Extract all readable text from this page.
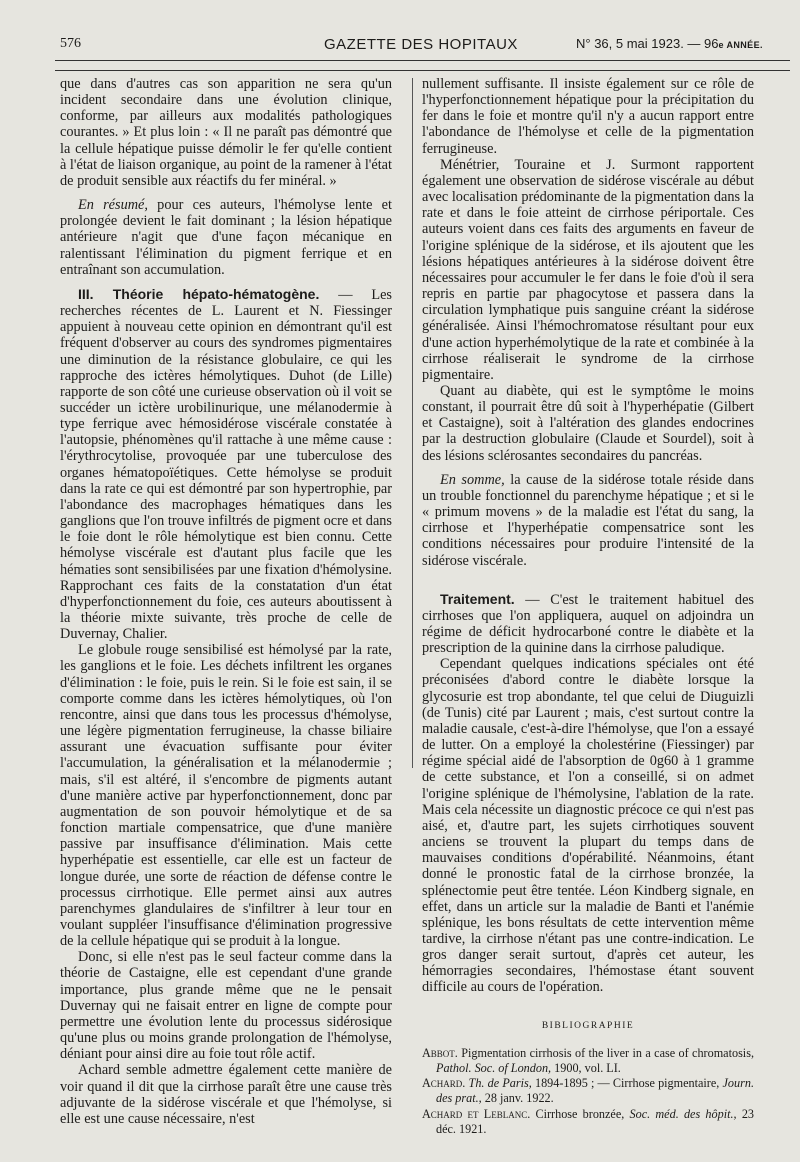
576	GAZETTE DES HOPITAUX	N° 36, 5 mai 1923. — 96e ANNÉE.

que dans d'autres cas son apparition ne sera qu'un incident secondaire dans une évolution clinique, conforme, par ailleurs aux modalités pathologiques courantes. » Et plus loin : « Il ne paraît pas démontré que la cellule hépatique puisse démolir le fer qu'elle contient à l'état de liaison organique, au point de la ramener à l'état de produit sensible aux réactifs du fer minéral. »

En résumé, pour ces auteurs, l'hémolyse lente et prolongée devient le fait dominant ; la lésion hépatique antérieure n'agit que d'une façon mécanique en ralentissant l'élimination du pigment ferrique et en entraînant son accumulation.

III. Théorie hépato-hématogène. — Les recherches récentes de L. Laurent et N. Fiessinger appuient à nouveau cette opinion en démontrant qu'il est fréquent d'observer au cours des syndromes pigmentaires une diminution de la résistance globulaire, ce qui les rapproche des ictères hémolytiques. Duhot (de Lille) rapporte de son côté une curieuse observation où il voit se succéder un ictère urobilinurique, une mélanodermie à type ferrique avec hémosidérose viscérale constatée à l'autopsie, phénomènes qu'il rattache à une même cause : l'érythrocytolise, provoquée par une tuberculose des organes hématopoïétiques. Cette hémolyse se produit dans la rate ce qui est démontré par son hypertrophie, par l'abondance des macrophages hématiques dans les ganglions que l'on trouve infiltrés de pigment ocre et dans le foie dont le rôle hémolytique est bien connu. Cette hémolyse viscérale est d'autant plus facile que les hématies sont sensibilisées par une fixation d'hémolysine. Rapprochant ces faits de la constatation d'un état d'hyperfonctionnement du foie, ces auteurs aboutissent à la théorie mixte suivante, très proche de celle de Duvernay, Chalier.

Le globule rouge sensibilisé est hémolysé par la rate, les ganglions et le foie. Les déchets infiltrent les organes d'élimination : le foie, puis le rein. Si le foie est sain, il se comporte comme dans les ictères hémolytiques, où l'on rencontre, ainsi que dans tous les processus d'hémolyse, une légère pigmentation ferrugineuse, la chasse biliaire assurant une évacuation suffisante pour éviter l'accumulation, la généralisation et la mélanodermie ; mais, s'il est altéré, il s'encombre de pigments autant d'une manière active par hyperfonctionnement, donc par augmentation de son pouvoir hémolytique et de sa fonction martiale compensatrice, que d'une manière passive par insuffisance d'élimination. Mais cette hyperhépatie est essentielle, car elle est un facteur de longue durée, une sorte de réaction de défense contre le processus cirrhotique. Elle permet ainsi aux autres parenchymes glandulaires de s'infiltrer à leur tour en voulant suppléer l'insuffisance d'élimination progressive de la cellule hépatique qui se produit à la longue.

Donc, si elle n'est pas le seul facteur comme dans la théorie de Castaigne, elle est cependant d'une grande importance, plus grande même que ne le pensait Duvernay qui ne faisait entrer en ligne de compte pour permettre une évolution lente du processus sidérosique qu'une plus ou moins grande prolongation de l'hémolyse, déniant pour ainsi dire au foie tout rôle actif.

Achard semble admettre également cette manière de voir quand il dit que la cirrhose paraît être une cause très adjuvante de la sidérose viscérale et que l'hémolyse, si elle est une cause nécessaire, n'est

nullement suffisante. Il insiste également sur ce rôle de l'hyperfonctionnement hépatique pour la précipitation du fer dans le foie et montre qu'il n'y a aucun rapport entre l'abondance de l'hémolyse et celle de la pigmentation ferrugineuse.

Ménétrier, Touraine et J. Surmont rapportent également une observation de sidérose viscérale au début avec localisation prédominante de la pigmentation dans la rate et dans le foie atteint de cirrhose périportale. Ces auteurs voient dans ces faits des arguments en faveur de l'origine splénique de la sidérose, et ils ajoutent que les lésions hépatiques antérieures à la sidérose doivent être nécessaires pour accumuler le fer dans le foie d'où il sera repris en partie par phagocytose et passera dans la circulation lymphatique puis sanguine créant la sidérose généralisée. Ainsi l'hémochromatose résultant pour eux d'une action hyperhémolytique de la rate et combinée à la cirrhose réaliserait le syndrome de la cirrhose pigmentaire.

Quant au diabète, qui est le symptôme le moins constant, il pourrait être dû soit à l'hyperhépatie (Gilbert et Castaigne), soit à l'altération des glandes endocrines par la destruction globulaire (Claude et Sourdel), soit à des lésions sclérosantes secondaires du pancréas.

En somme, la cause de la sidérose totale réside dans un trouble fonctionnel du parenchyme hépatique ; et si le « primum movens » de la maladie est l'état du sang, la cirrhose et l'hyperhépatie compensatrice sont les conditions nécessaires pour produire l'intensité de la sidérose viscérale.

Traitement. — C'est le traitement habituel des cirrhoses que l'on appliquera, auquel on adjoindra un régime de déficit hydrocarboné contre le diabète et la prescription de la quinine dans la cirrhose paludique.

Cependant quelques indications spéciales ont été préconisées d'abord contre le diabète lorsque la glycosurie est trop abondante, tel que celui de Diuguizli (de Tunis) cité par Laurent ; mais, c'est surtout contre la maladie causale, c'est-à-dire l'hémolyse, que l'on a essayé de lutter. On a employé la cholestérine (Fiessinger) par régime spécial aidé de l'absorption de 0g60 à 1 gramme de cette substance, et l'on a conseillé, si on admet l'origine splénique de l'hémolysine, l'ablation de la rate. Mais cela nécessite un diagnostic précoce ce qui n'est pas aisé, et, d'autre part, les sujets cirrhotiques souvent anciens se trouvent la plupart du temps dans de mauvaises conditions d'opérabilité. Néanmoins, étant donné le pronostic fatal de la cirrhose bronzée, la splénectomie peut être tentée. Léon Kindberg signale, en effet, dans un article sur la maladie de Banti et l'anémie splénique, les bons résultats de cette intervention même tardive, la cirrhose n'étant pas une contre-indication. Le gros danger serait surtout, d'après cet auteur, les hémorragies secondaires, l'hémostase étant souvent difficile au cours de l'opération.

BIBLIOGRAPHIE

Abbot. Pigmentation cirrhosis of the liver in a case of chromatosis, Pathol. Soc. of London, 1900, vol. LI.

Achard. Th. de Paris, 1894-1895 ; — Cirrhose pigmentaire, Journ. des prat., 28 janv. 1922.

Achard et Leblanc. Cirrhose bronzée, Soc. méd. des hôpit., 23 déc. 1921.
